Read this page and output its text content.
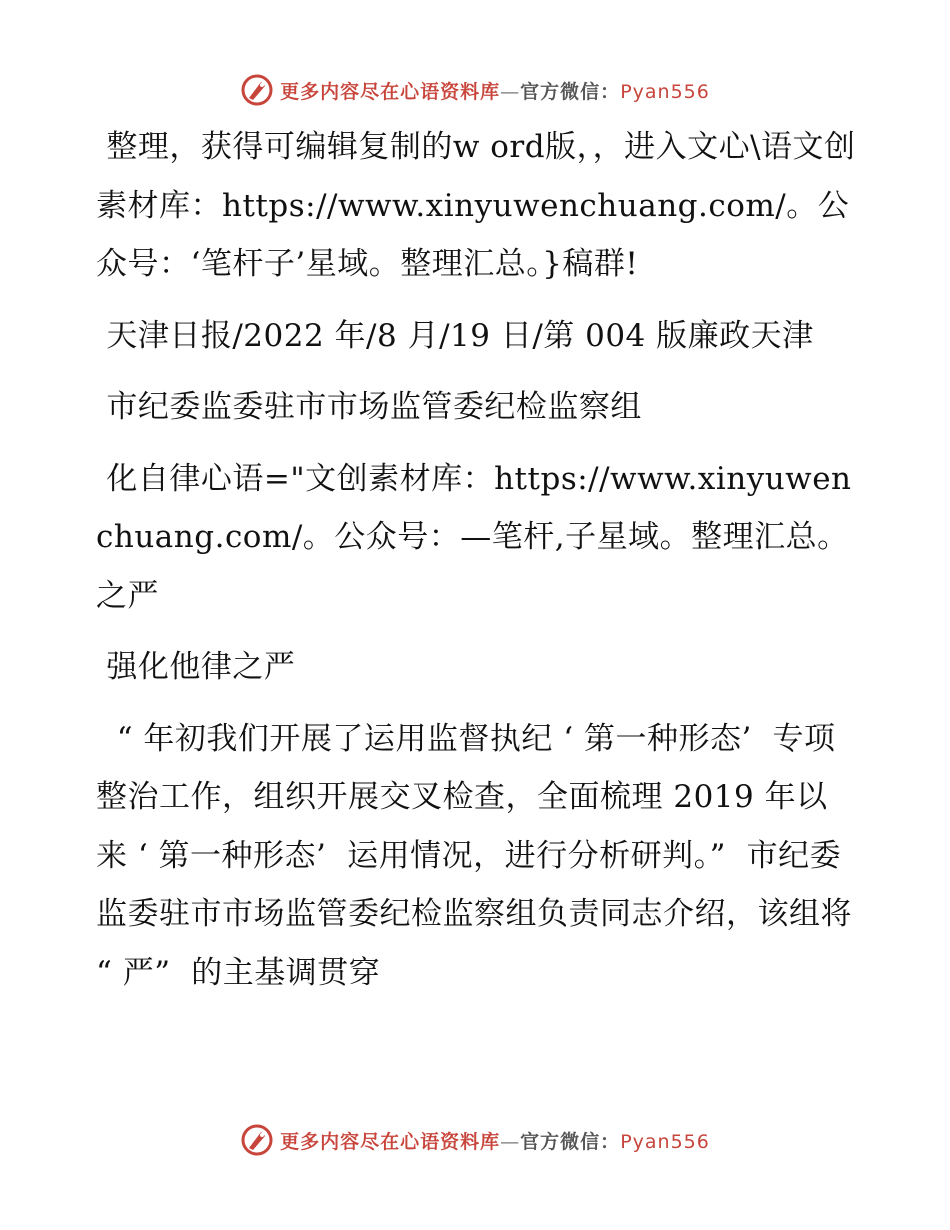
更多内容尽在心语资料库—官方微信：Pyan556

整理，获得可编辑复制的w ord版，，进入文心\语文创素材库：https://www.xinyuwenchuang.com/。公众号：‘笔杆子’星域。整理汇总。}稿群!

天津日报/2022 年/8 月/19 日/第 004 版廉政天津

市纪委监委驻市市场监管委纪检监察组

化自律心语="文创素材库：https://www.xinyuwenchuang.com/。公众号：—笔杆,子星域。整理汇总。之严

强化他律之严

“ 年初我们开展了运用监督执纪 ‘ 第一种形态’  专项整治工作，组织开展交叉检查，全面梳理 2019 年以来 ‘ 第一种形态’  运用情况，进行分析研判。”  市纪委监委驻市市场监管委纪检监察组负责同志介绍，该组将 “ 严”  的主基调贯穿

更多内容尽在心语资料库—官方微信：Pyan556
